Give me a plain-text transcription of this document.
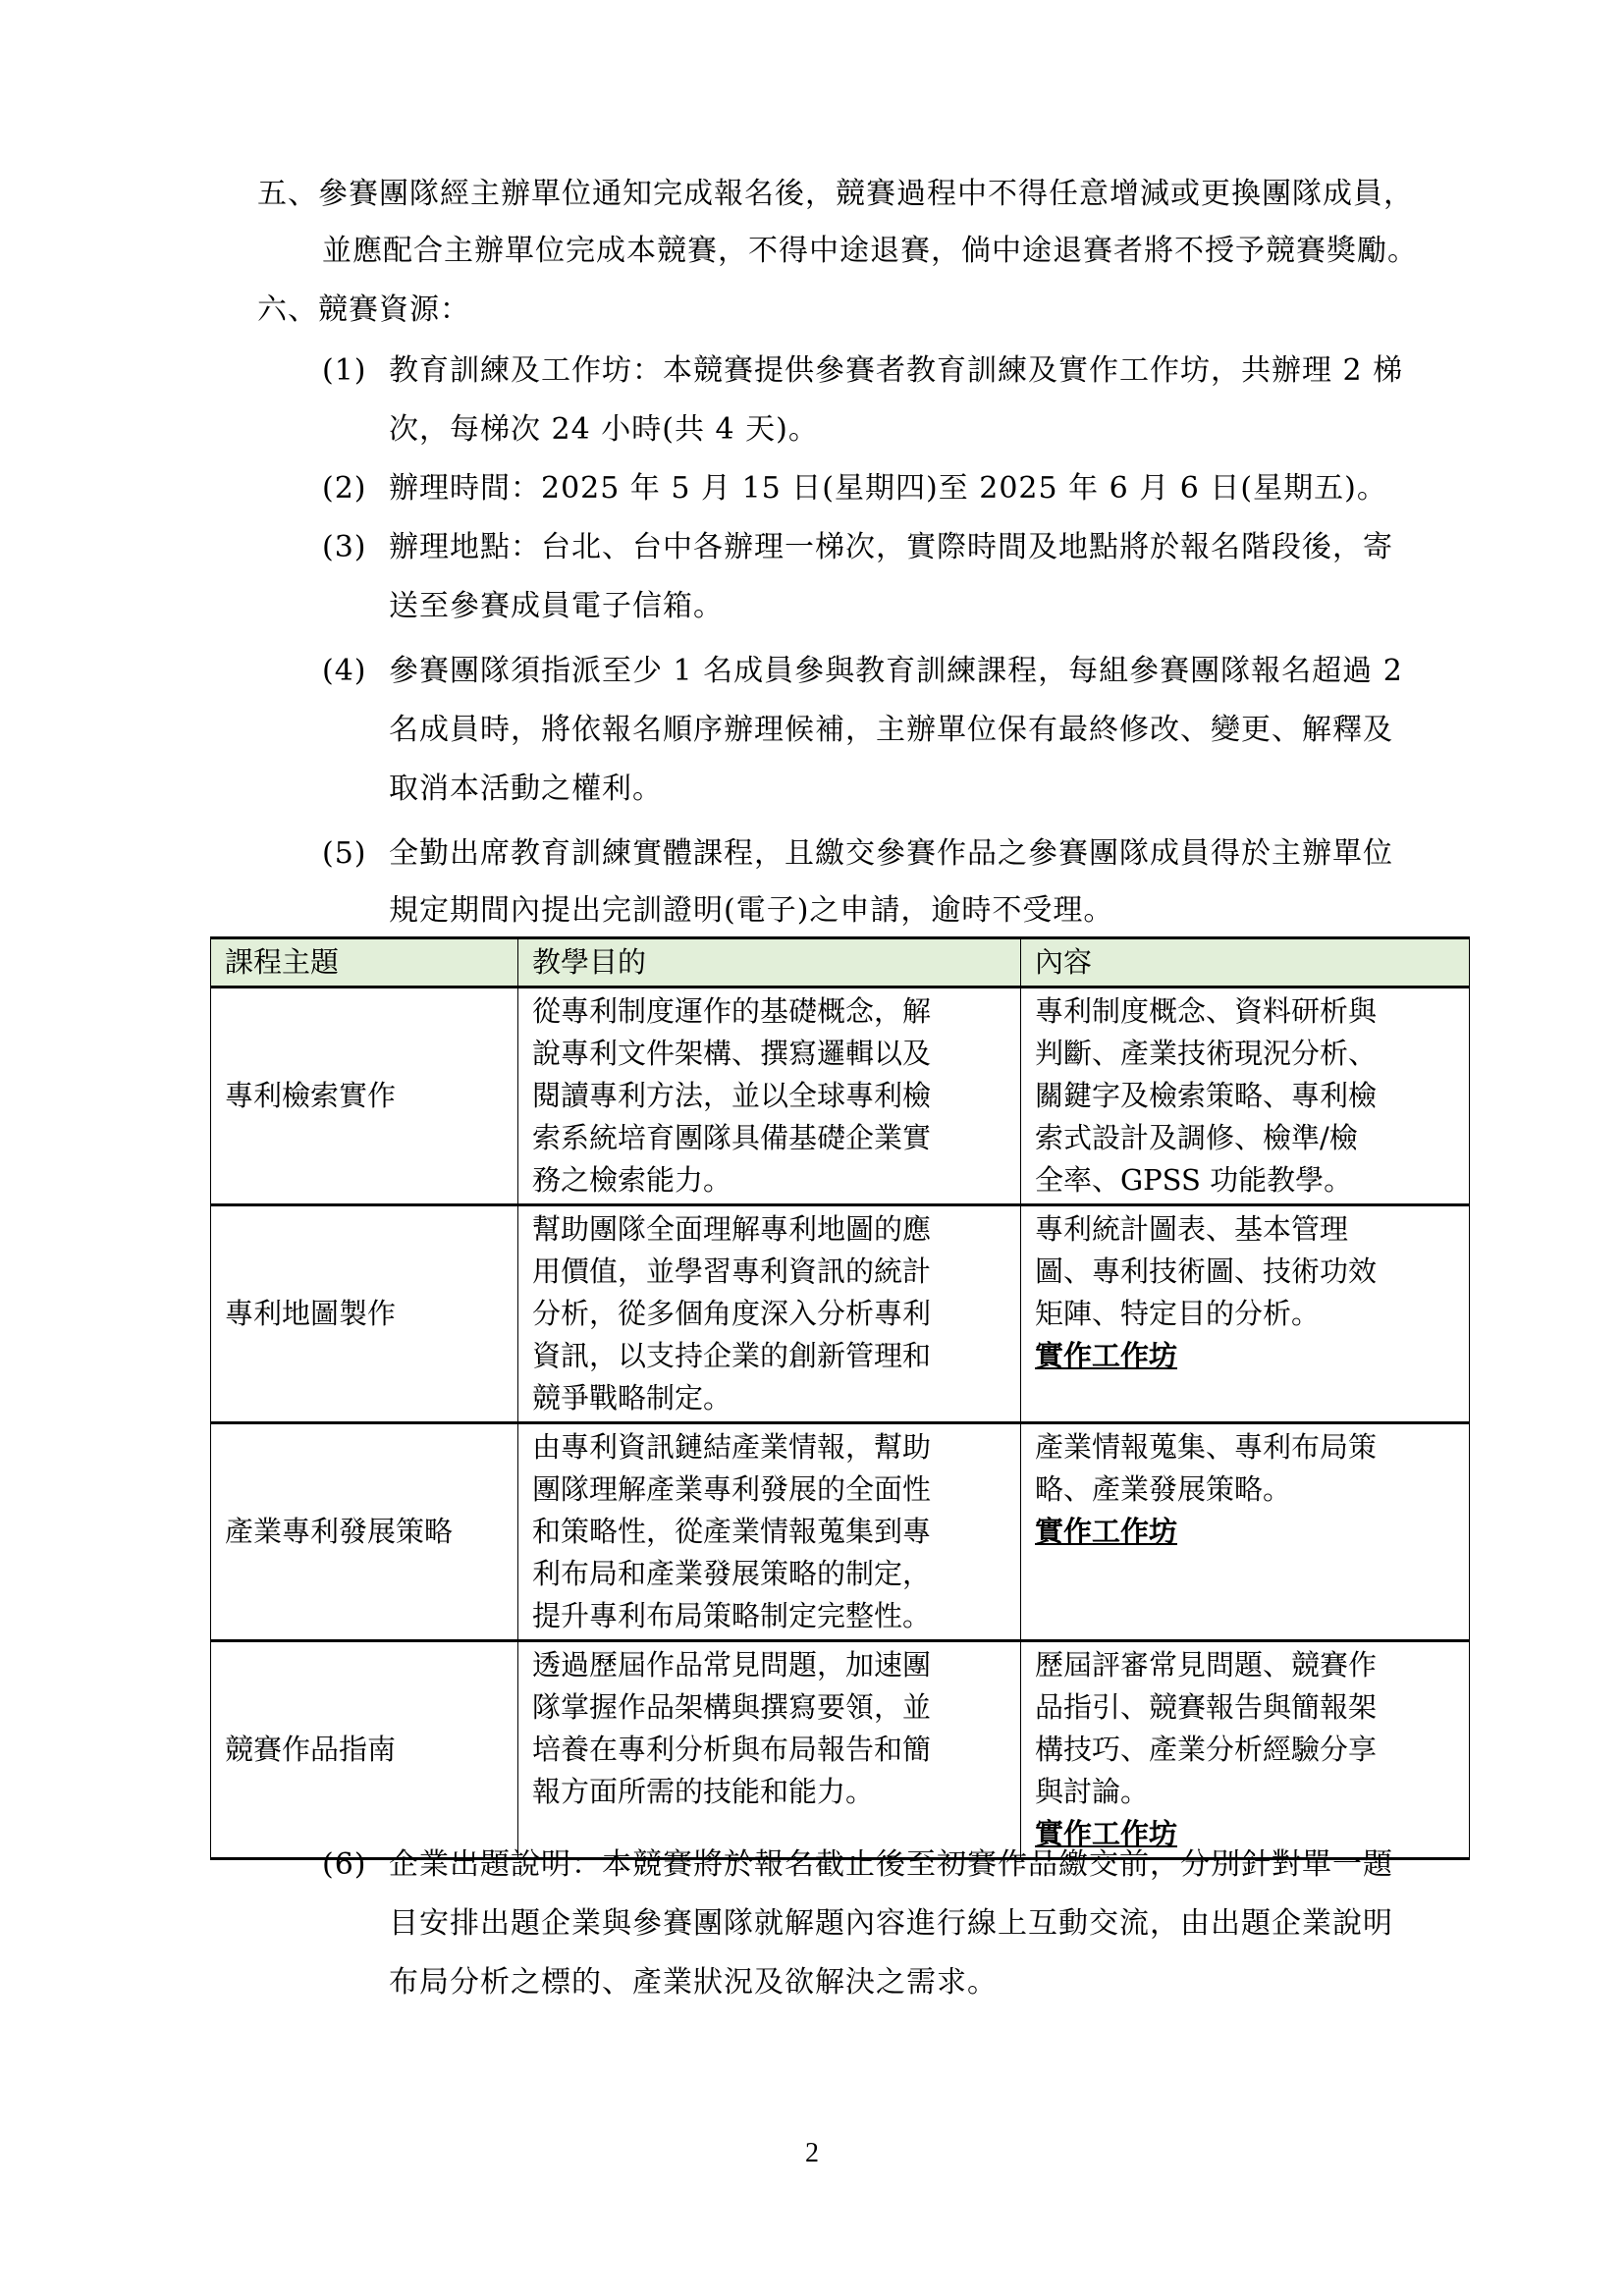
五、參賽團隊經主辦單位通知完成報名後，競賽過程中不得任意增減或更換團隊成員，
並應配合主辦單位完成本競賽，不得中途退賽，倘中途退賽者將不授予競賽獎勵。
六、競賽資源：
(1) 教育訓練及工作坊：本競賽提供參賽者教育訓練及實作工作坊，共辦理 2 梯
次，每梯次 24 小時(共 4 天)。
(2) 辦理時間：2025 年 5 月 15 日(星期四)至 2025 年 6 月 6 日(星期五)。
(3) 辦理地點：台北、台中各辦理一梯次，實際時間及地點將於報名階段後，寄
送至參賽成員電子信箱。
(4) 參賽團隊須指派至少 1 名成員參與教育訓練課程，每組參賽團隊報名超過 2
名成員時，將依報名順序辦理候補，主辦單位保有最終修改、變更、解釋及
取消本活動之權利。
(5) 全勤出席教育訓練實體課程，且繳交參賽作品之參賽團隊成員得於主辦單位
規定期間內提出完訓證明(電子)之申請，逾時不受理。
課程主題	教學目的	內容
專利檢索實作	從專利制度運作的基礎概念，解
說專利文件架構、撰寫邏輯以及
閱讀專利方法，並以全球專利檢
索系統培育團隊具備基礎企業實
務之檢索能力。	專利制度概念、資料研析與
判斷、產業技術現況分析、
關鍵字及檢索策略、專利檢
索式設計及調修、檢準/檢
全率、GPSS 功能教學。

專利地圖製作	幫助團隊全面理解專利地圖的應
用價值，並學習專利資訊的統計
分析，從多個角度深入分析專利
資訊，以支持企業的創新管理和
競爭戰略制定。	專利統計圖表、基本管理
圖、專利技術圖、技術功效
矩陣、特定目的分析。
實作工作坊

產業專利發展策略	由專利資訊鏈結產業情報，幫助
團隊理解產業專利發展的全面性
和策略性，從產業情報蒐集到專
利布局和產業發展策略的制定，
提升專利布局策略制定完整性。	產業情報蒐集、專利布局策
略、產業發展策略。
實作工作坊

競賽作品指南	透過歷屆作品常見問題，加速團
隊掌握作品架構與撰寫要領，並
培養在專利分析與布局報告和簡
報方面所需的技能和能力。	歷屆評審常見問題、競賽作
品指引、競賽報告與簡報架
構技巧、產業分析經驗分享
與討論。
實作工作坊
(6) 企業出題說明：本競賽將於報名截止後至初賽作品繳交前，分別針對單一題
目安排出題企業與參賽團隊就解題內容進行線上互動交流，由出題企業說明
布局分析之標的、產業狀況及欲解決之需求。
2
